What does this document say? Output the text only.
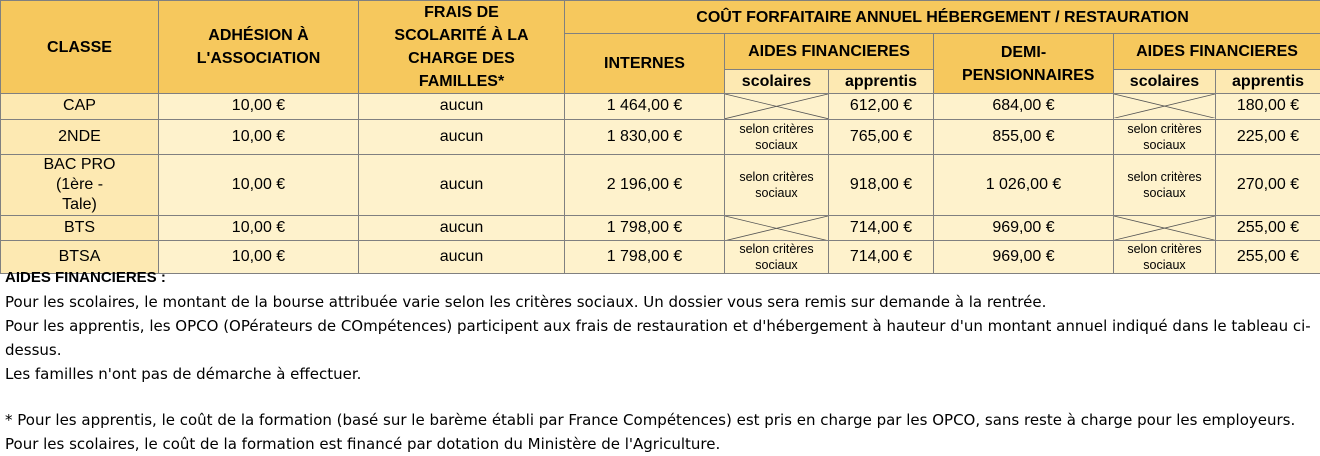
CLASSE	ADHÉSION À L'ASSOCIATION	FRAIS DE SCOLARITÉ À LA CHARGE DES FAMILLES*	COÛT FORFAITAIRE ANNUEL HÉBERGEMENT / RESTAURATION					
			INTERNES	AIDES FINANCIERES		DEMI-PENSIONNAIRES	AIDES FINANCIERES	
				scolaires	apprentis		scolaires	apprentis
CAP	10,00 €	aucun	1 464,00 €		612,00 €	684,00 €		180,00 €
2NDE	10,00 €	aucun	1 830,00 €	selon critères sociaux	765,00 €	855,00 €	selon critères sociaux	225,00 €
BAC PRO (1ère - Tale)	10,00 €	aucun	2 196,00 €	selon critères sociaux	918,00 €	1 026,00 €	selon critères sociaux	270,00 €
BTS	10,00 €	aucun	1 798,00 €		714,00 €	969,00 €		255,00 €
BTSA	10,00 €	aucun	1 798,00 €	selon critères sociaux	714,00 €	969,00 €	selon critères sociaux	255,00 €

AIDES FINANCIERES :

Pour les scolaires, le montant de la bourse attribuée varie selon les critères sociaux. Un dossier vous sera remis sur demande à la rentrée.

Pour les apprentis, les OPCO (OPérateurs de COmpétences) participent aux frais de restauration et d'hébergement à hauteur d'un montant annuel indiqué dans le tableau ci-dessus.

Les familles n'ont pas de démarche à effectuer.

* Pour les apprentis, le coût de la formation (basé sur le barème établi par France Compétences) est pris en charge par les OPCO, sans reste à charge pour les employeurs. Pour les scolaires, le coût de la formation est financé par dotation du Ministère de l'Agriculture.
